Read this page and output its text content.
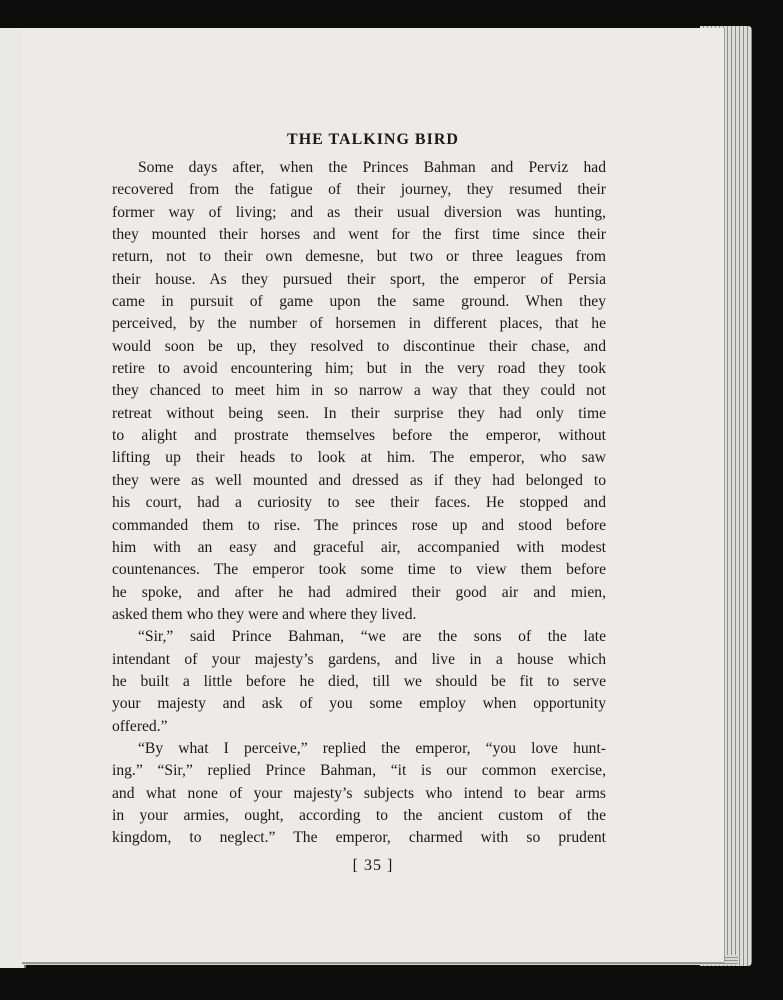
THE TALKING BIRD
Some days after, when the Princes Bahman and Perviz had
recovered from the fatigue of their journey, they resumed their
former way of living; and as their usual diversion was hunting,
they mounted their horses and went for the first time since their
return, not to their own demesne, but two or three leagues from
their house. As they pursued their sport, the emperor of Persia
came in pursuit of game upon the same ground. When they
perceived, by the number of horsemen in different places, that he
would soon be up, they resolved to discontinue their chase, and
retire to avoid encountering him; but in the very road they took
they chanced to meet him in so narrow a way that they could not
retreat without being seen. In their surprise they had only time
to alight and prostrate themselves before the emperor, without
lifting up their heads to look at him. The emperor, who saw
they were as well mounted and dressed as if they had belonged to
his court, had a curiosity to see their faces. He stopped and
commanded them to rise. The princes rose up and stood before
him with an easy and graceful air, accompanied with modest
countenances. The emperor took some time to view them before
he spoke, and after he had admired their good air and mien,
asked them who they were and where they lived.
“Sir,” said Prince Bahman, “we are the sons of the late
intendant of your majesty’s gardens, and live in a house which
he built a little before he died, till we should be fit to serve
your majesty and ask of you some employ when opportunity
offered.”
“By what I perceive,” replied the emperor, “you love hunt-
ing.” “Sir,” replied Prince Bahman, “it is our common exercise,
and what none of your majesty’s subjects who intend to bear arms
in your armies, ought, according to the ancient custom of the
kingdom, to neglect.” The emperor, charmed with so prudent
[ 35 ]
